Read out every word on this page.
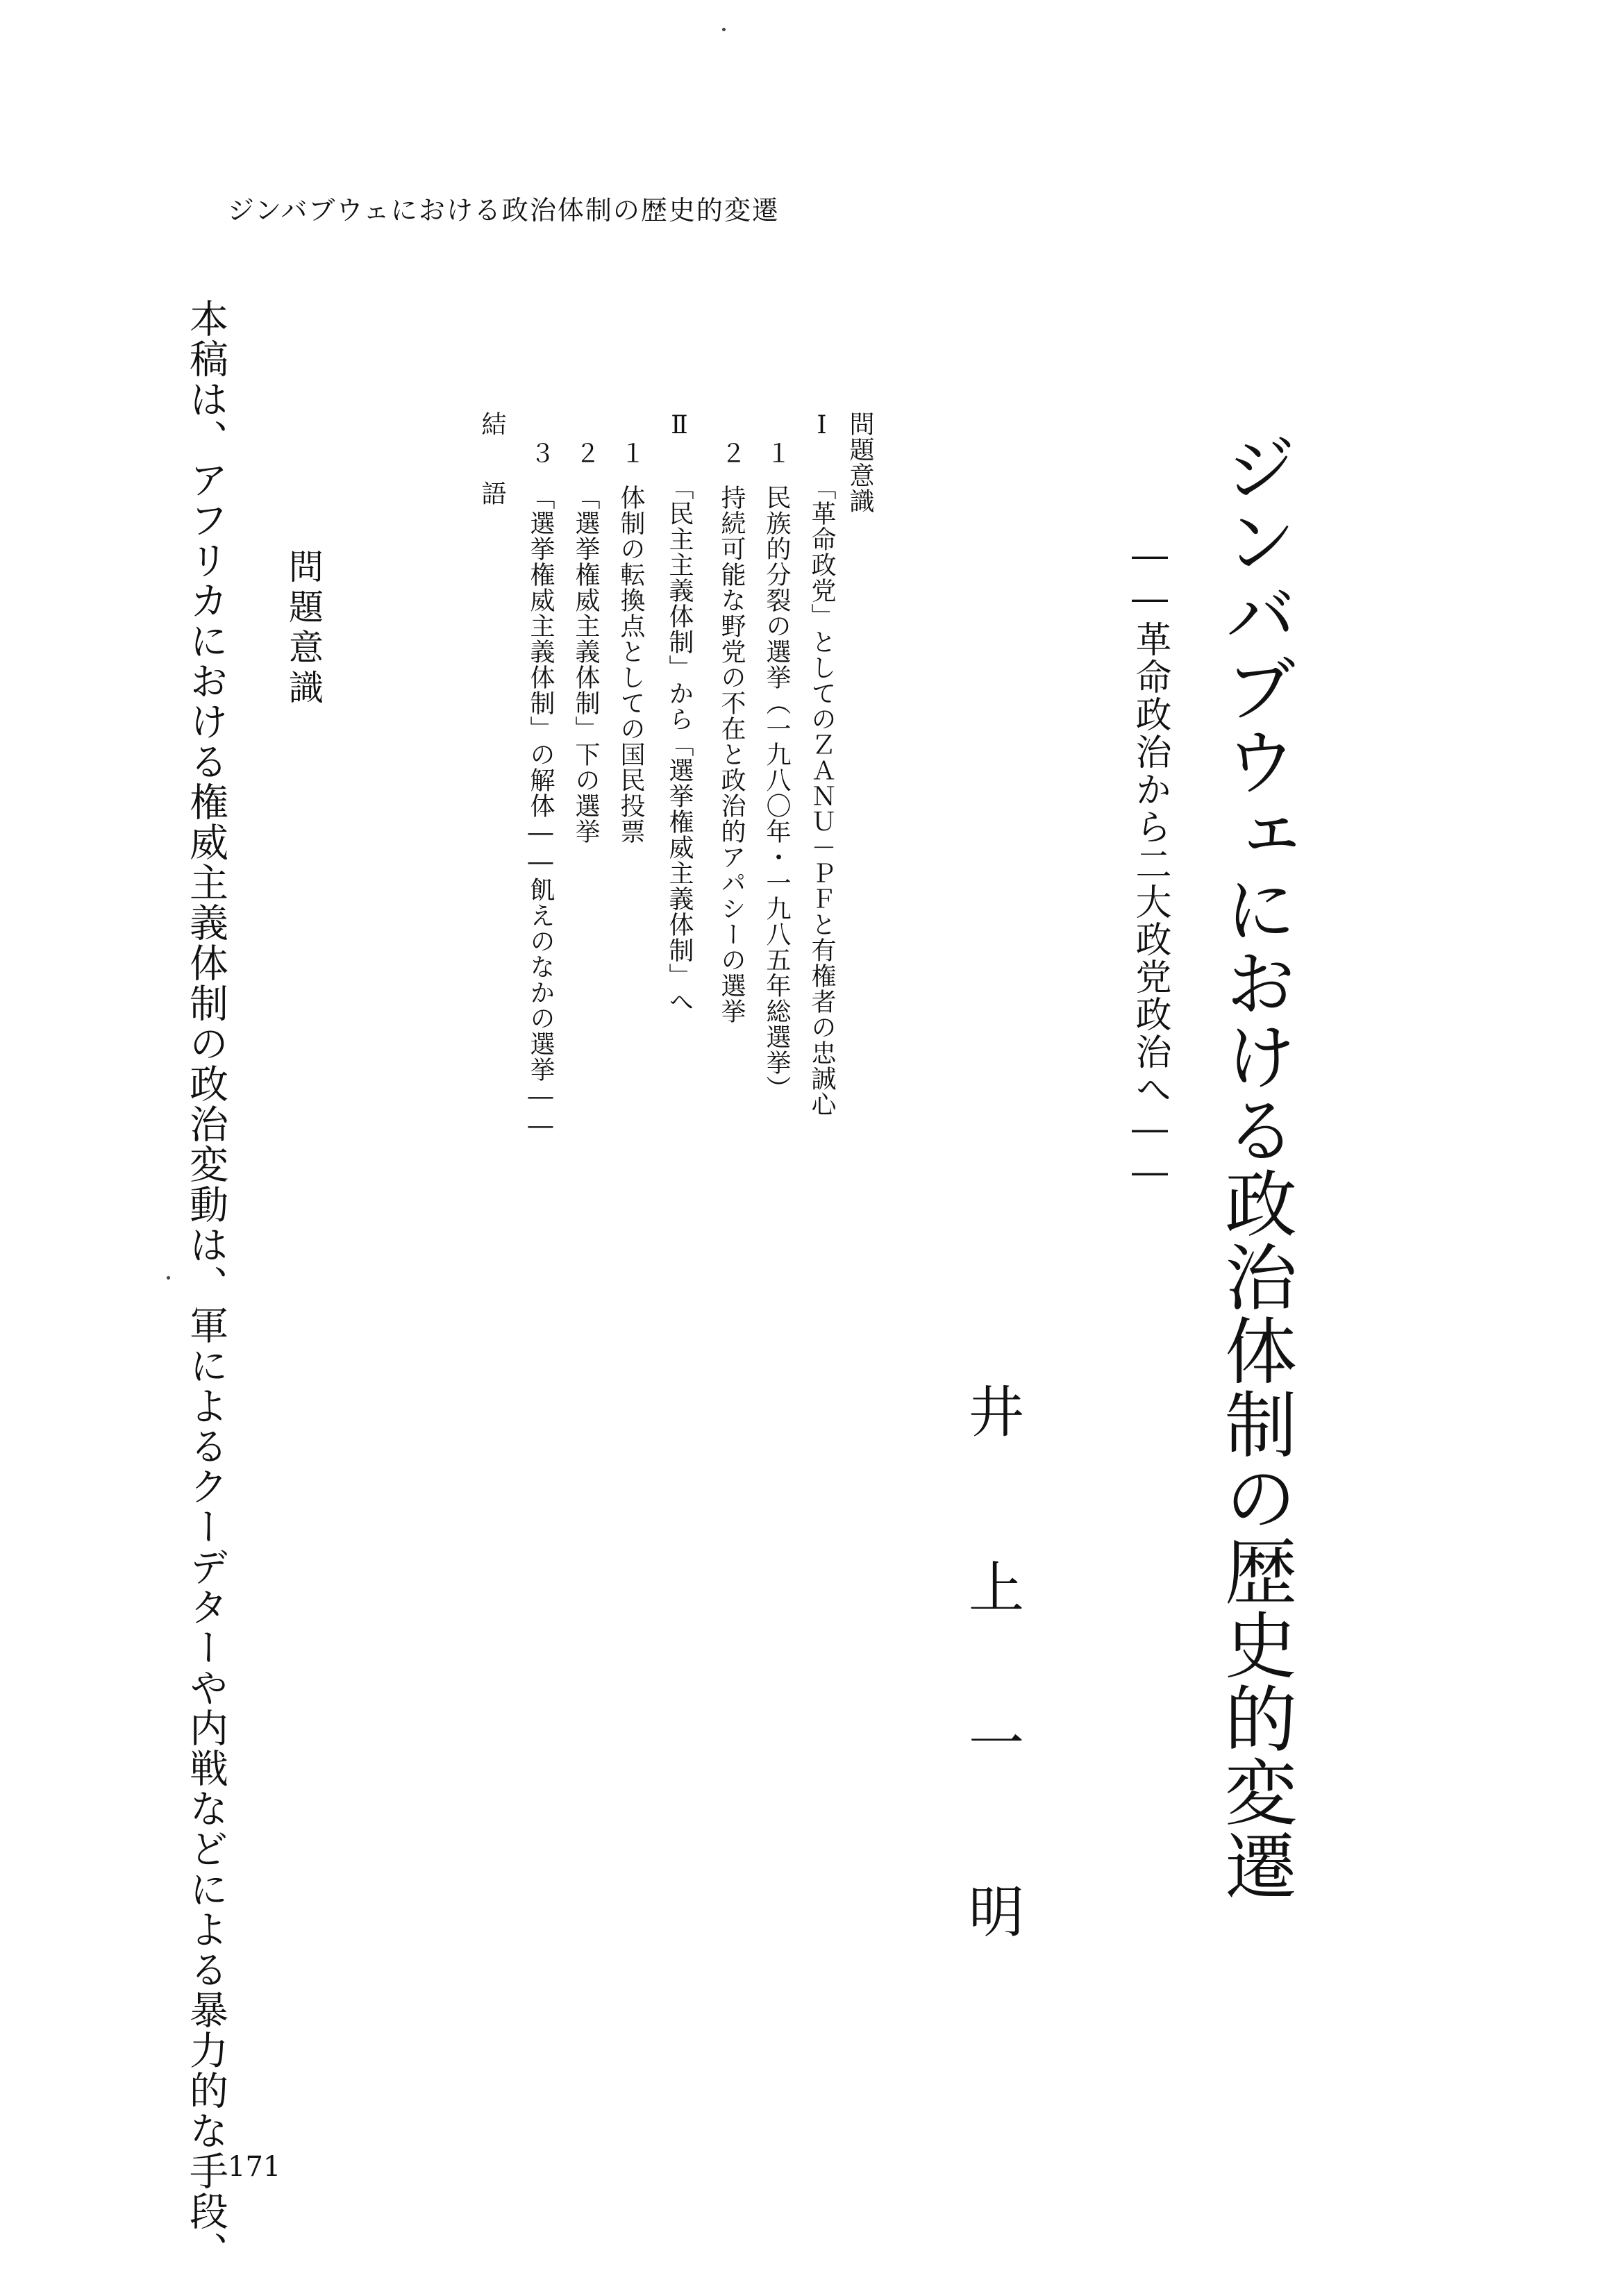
ジンバブウェにおける政治体制の歴史的変遷
ジンバブウェにおける政治体制の歴史的変遷
――革命政治から二大政党政治へ――
井
上
一
明
問題意識
Ⅰ
「革命政党」としてのＺＡＮＵ－ＰＦと有権者の忠誠心
１
民族的分裂の選挙（一九八〇年・一九八五年総選挙）
２
持続可能な野党の不在と政治的アパシーの選挙
Ⅱ
「民主主義体制」から「選挙権威主義体制」へ
１
体制の転換点としての国民投票
２
「選挙権威主義体制」下の選挙
３
「選挙権威主義体制」の解体――飢えのなかの選挙――
結　語
問題意識
本稿は、アフリカにおける権威主義体制の政治変動は、軍によるクーデターや内戦などによる暴力的な手段、 171
